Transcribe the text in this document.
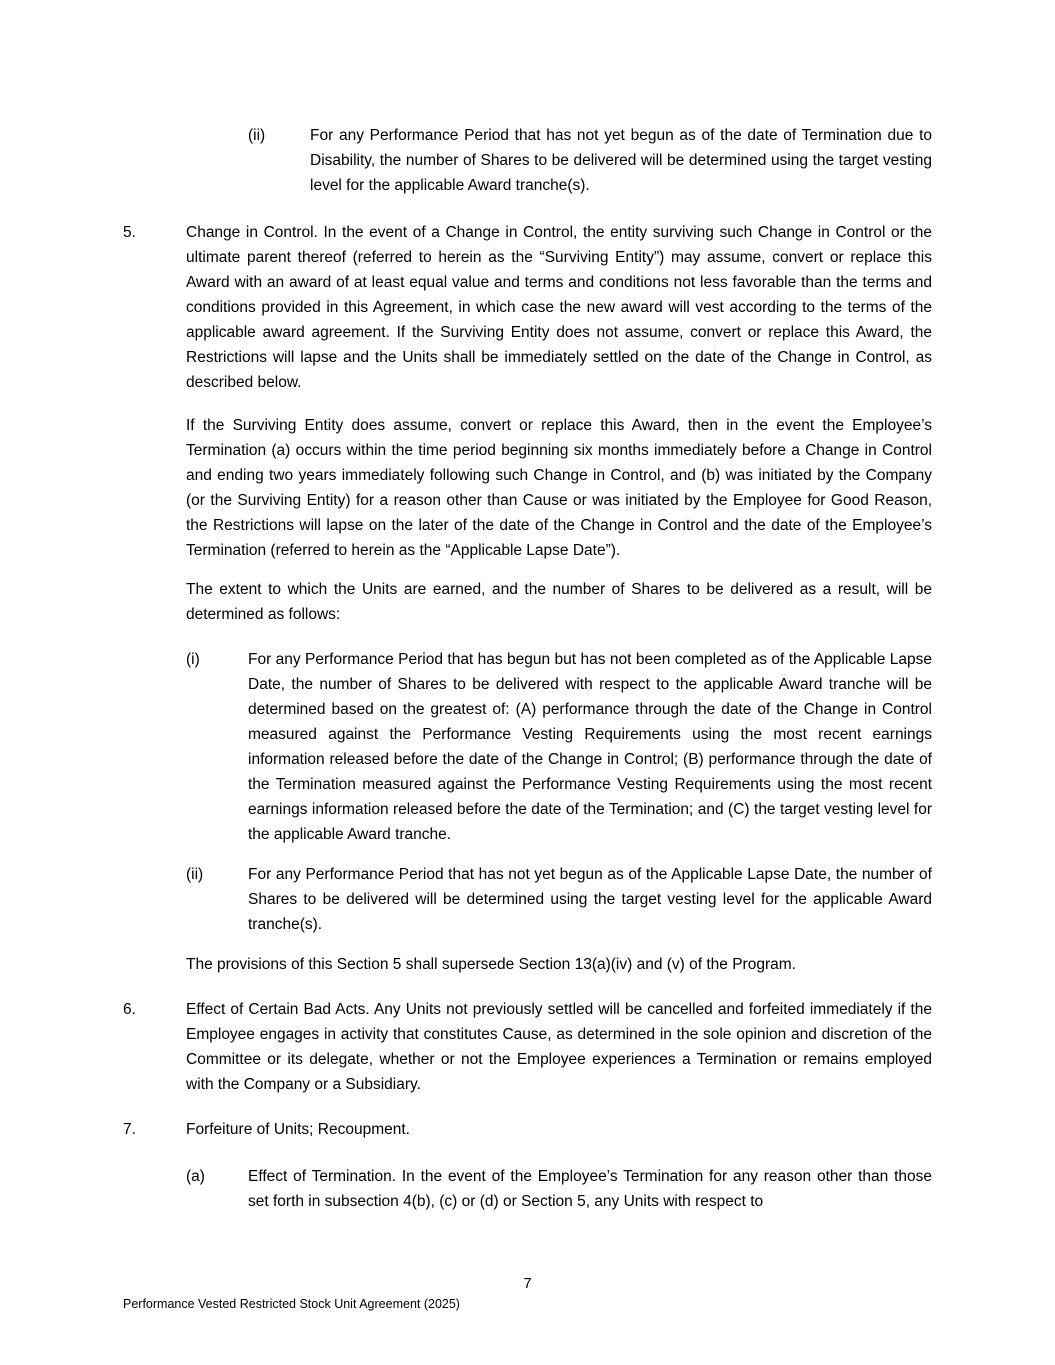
(ii)	For any Performance Period that has not yet begun as of the date of Termination due to Disability, the number of Shares to be delivered will be determined using the target vesting level for the applicable Award tranche(s).
5.	Change in Control. In the event of a Change in Control, the entity surviving such Change in Control or the ultimate parent thereof (referred to herein as the “Surviving Entity”) may assume, convert or replace this Award with an award of at least equal value and terms and conditions not less favorable than the terms and conditions provided in this Agreement, in which case the new award will vest according to the terms of the applicable award agreement. If the Surviving Entity does not assume, convert or replace this Award, the Restrictions will lapse and the Units shall be immediately settled on the date of the Change in Control, as described below.
If the Surviving Entity does assume, convert or replace this Award, then in the event the Employee’s Termination (a) occurs within the time period beginning six months immediately before a Change in Control and ending two years immediately following such Change in Control, and (b) was initiated by the Company (or the Surviving Entity) for a reason other than Cause or was initiated by the Employee for Good Reason, the Restrictions will lapse on the later of the date of the Change in Control and the date of the Employee’s Termination (referred to herein as the “Applicable Lapse Date”).
The extent to which the Units are earned, and the number of Shares to be delivered as a result, will be determined as follows:
(i)	For any Performance Period that has begun but has not been completed as of the Applicable Lapse Date, the number of Shares to be delivered with respect to the applicable Award tranche will be determined based on the greatest of: (A) performance through the date of the Change in Control measured against the Performance Vesting Requirements using the most recent earnings information released before the date of the Change in Control; (B) performance through the date of the Termination measured against the Performance Vesting Requirements using the most recent earnings information released before the date of the Termination; and (C) the target vesting level for the applicable Award tranche.
(ii)	For any Performance Period that has not yet begun as of the Applicable Lapse Date, the number of Shares to be delivered will be determined using the target vesting level for the applicable Award tranche(s).
The provisions of this Section 5 shall supersede Section 13(a)(iv) and (v) of the Program.
6.	Effect of Certain Bad Acts. Any Units not previously settled will be cancelled and forfeited immediately if the Employee engages in activity that constitutes Cause, as determined in the sole opinion and discretion of the Committee or its delegate, whether or not the Employee experiences a Termination or remains employed with the Company or a Subsidiary.
7.	Forfeiture of Units; Recoupment.
(a)	Effect of Termination. In the event of the Employee’s Termination for any reason other than those set forth in subsection 4(b), (c) or (d) or Section 5, any Units with respect to
7
Performance Vested Restricted Stock Unit Agreement (2025)
